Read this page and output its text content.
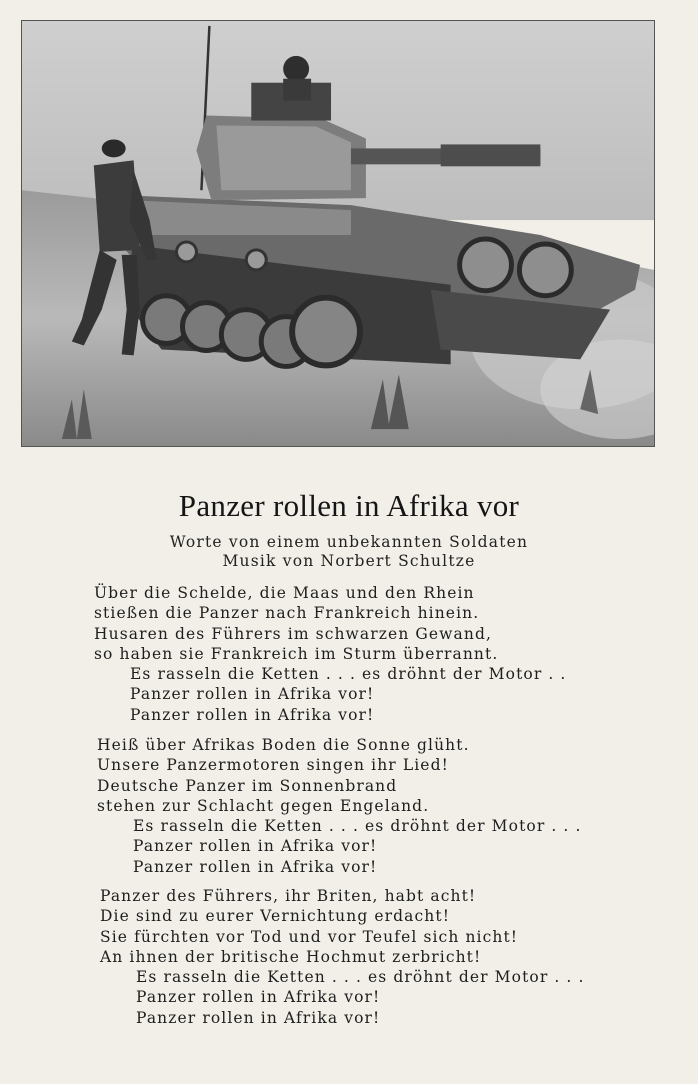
Panzer rollen in Afrika vor
Worte von einem unbekannten Soldaten
Musik von Norbert Schultze
Über die Schelde, die Maas und den Rhein
stießen die Panzer nach Frankreich hinein.
Husaren des Führers im schwarzen Gewand,
so haben sie Frankreich im Sturm überrannt.
Es rasseln die Ketten . . . es dröhnt der Motor . .
Panzer rollen in Afrika vor!
Panzer rollen in Afrika vor!
Heiß über Afrikas Boden die Sonne glüht.
Unsere Panzermotoren singen ihr Lied!
Deutsche Panzer im Sonnenbrand
stehen zur Schlacht gegen Engeland.
Es rasseln die Ketten . . . es dröhnt der Motor . . .
Panzer rollen in Afrika vor!
Panzer rollen in Afrika vor!
Panzer des Führers, ihr Briten, habt acht!
Die sind zu eurer Vernichtung erdacht!
Sie fürchten vor Tod und vor Teufel sich nicht!
An ihnen der britische Hochmut zerbricht!
Es rasseln die Ketten . . . es dröhnt der Motor . . .
Panzer rollen in Afrika vor!
Panzer rollen in Afrika vor!
